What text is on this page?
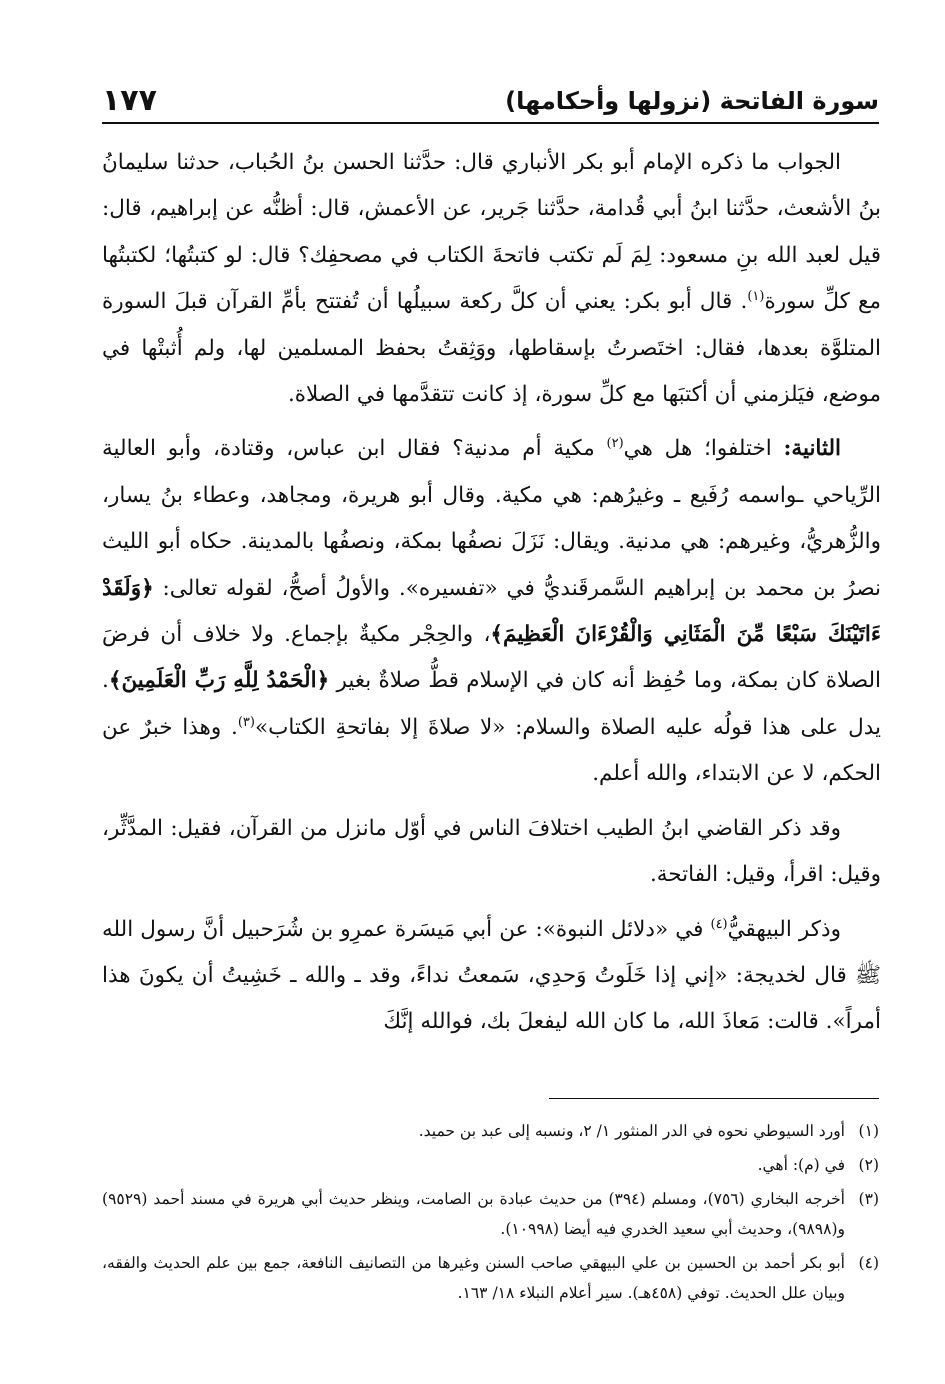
سورة الفاتحة (نزولها وأحكامها)
١٧٧

الجواب ما ذكره الإمام أبو بكر الأنباري قال: حدَّثنا الحسن بنُ الحُباب، حدثنا سليمانُ بنُ الأشعث، حدَّثنا ابنُ أبي قُدامة، حدَّثنا جَرير، عن الأعمش، قال: أظنُّه عن إبراهيم، قال: قيل لعبد الله بنِ مسعود: لِمَ لَم تكتب فاتحةَ الكتاب في مصحفِك؟ قال: لو كتبتُها؛ لكتبتُها مع كلِّ سورة$^{(١)}$. قال أبو بكر: يعني أن كلَّ ركعة سبيلُها أن تُفتتح بأمِّ القرآن قبلَ السورة المتلوَّة بعدها، فقال: اختَصرتُ بإسقاطها، ووَثِقتُ بحفظ المسلمين لها، ولم أُثبتْها في موضع، فيَلزمني أن أكتبَها مع كلِّ سورة، إذ كانت تتقدَّمها في الصلاة.

الثانية: اختلفوا؛ هل هي$^{(٢)}$ مكية أم مدنية؟ فقال ابن عباس، وقتادة، وأبو العالية الرِّياحي ـواسمه رُفَيع ـ وغيرُهم: هي مكية. وقال أبو هريرة، ومجاهد، وعطاء بنُ يسار، والزُّهريُّ، وغيرهم: هي مدنية. ويقال: نَزَلَ نصفُها بمكة، ونصفُها بالمدينة. حكاه أبو الليث نصرُ بن محمد بن إبراهيم السَّمرقَنديُّ في «تفسيره». والأولُ أصحُّ، لقوله تعالى: ﴿وَلَقَدْ ءَاتَيْنَكَ سَبْعًا مِّنَ الْمَثَانِي وَالْقُرْءَانَ الْعَظِيمَ﴾، والحِجْر مكيةٌ بإجماع. ولا خلاف أن فرضَ الصلاة كان بمكة، وما حُفِظ أنه كان في الإسلام قطُّ صلاةٌ بغير ﴿الْحَمْدُ لِلَّهِ رَبِّ الْعَلَمِينَ﴾. يدل على هذا قولُه عليه الصلاة والسلام: «لا صلاةَ إلا بفاتحةِ الكتاب»$^{(٣)}$. وهذا خبرٌ عن الحكم، لا عن الابتداء، والله أعلم.

وقد ذكر القاضي ابنُ الطيب اختلافَ الناس في أوّل مانزل من القرآن، فقيل: المدَّثِّر، وقيل: اقرأ، وقيل: الفاتحة.

وذكر البيهقيُّ$^{(٤)}$ في «دلائل النبوة»: عن أبي مَيسَرة عمرِو بن شُرَحبيل أنَّ رسول الله ﷺ قال لخديجة: «إني إذا خَلَوتُ وَحدِي، سَمعتُ نداءً، وقد ـ والله ـ خَشِيتُ أن يكونَ هذا أمراً». قالت: مَعاذَ الله، ما كان الله ليفعلَ بك، فوالله إنَّكَ

(١)
أورد السيوطي نحوه في الدر المنثور ١/ ٢، ونسبه إلى عبد بن حميد.

(٢)
في (م): أهي.

(٣)
أخرجه البخاري (٧٥٦)، ومسلم (٣٩٤) من حديث عبادة بن الصامت، وينظر حديث أبي هريرة في مسند أحمد (٩٥٢٩) و(٩٨٩٨)، وحديث أبي سعيد الخدري فيه أيضا (١٠٩٩٨).

(٤)
أبو بكر أحمد بن الحسين بن علي البيهقي صاحب السنن وغيرها من التصانيف النافعة، جمع بين علم الحديث والفقه، وبيان علل الحديث. توفي (٤٥٨هـ). سير أعلام النبلاء ١٨/ ١٦٣.
